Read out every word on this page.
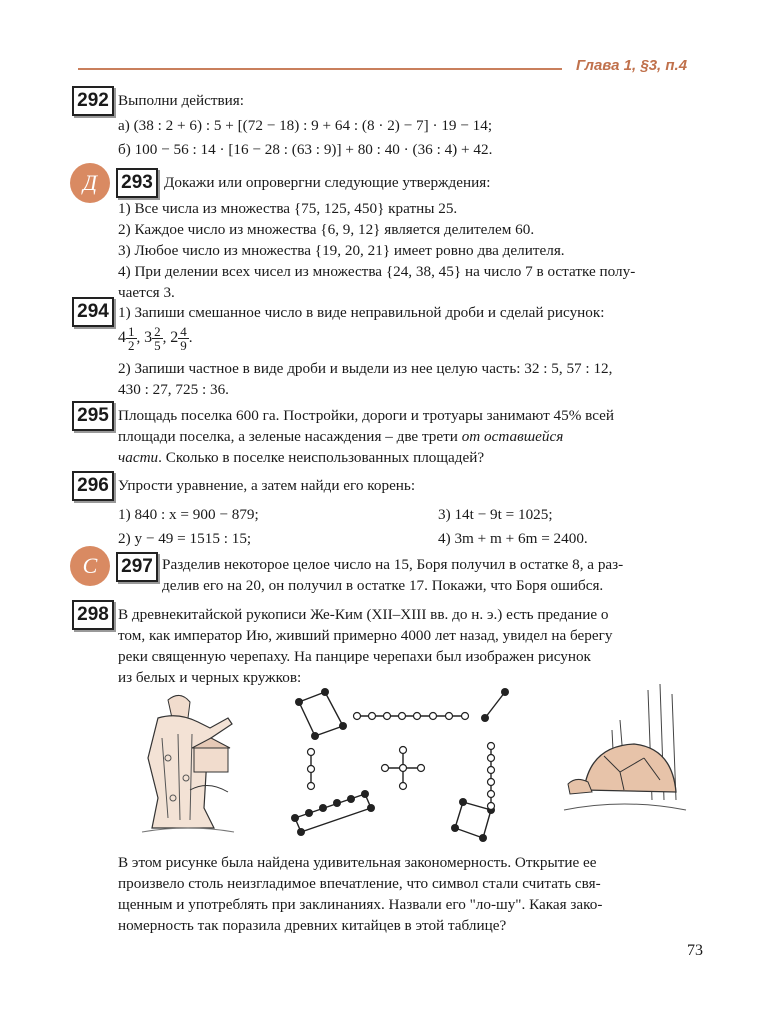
Глава 1, §3, п.4
292 Выполни действия:
а) (38 : 2 + 6) : 5 + [(72 − 18) : 9 + 64 : (8 · 2) − 7] · 19 − 14;
б) 100 − 56 : 14 · [16 − 28 : (63 : 9)] + 80 : 40 · (36 : 4) + 42.
Д	293 Докажи или опровергни следующие утверждения:
1) Все числа из множества {75, 125, 450} кратны 25.
2) Каждое число из множества {6, 9, 12} является делителем 60.
3) Любое число из множества {19, 20, 21} имеет ровно два делителя.
4) При делении всех чисел из множества {24, 38, 45} на число 7 в остатке полу-
чается 3.
294 1) Запиши смешанное число в виде неправильной дроби и сделай рисунок:
$4 \frac{1}{2}$ , $3 \frac{2}{5}$ , $2 \frac{4}{9}$ .
2) Запиши частное в виде дроби и выдели из нее целую часть: 32 : 5, 57 : 12,
430 : 27, 725 : 36.
295 Площадь поселка 600 га. Постройки, дороги и тротуары занимают 45% всей
площади поселка, а зеленые насаждения – две трети от оставшейся
части. Сколько в поселке неиспользованных площадей?
296 Упрости уравнение, а затем найди его корень:
1) 840 : x = 900 − 879;
2) y − 49 = 1515 : 15;
3) 14t − 9t = 1025;
4) 3m + m + 6m = 2400.
С	297 Разделив некоторое целое число на 15, Боря получил в остатке 8, а раз-
делив его на 20, он получил в остатке 17. Покажи, что Боря ошибся.
298 В древнекитайской рукописи Же-Ким (XII–XIII вв. до н. э.) есть предание о
том, как император Ию, живший примерно 4000 лет назад, увидел на берегу
реки священную черепаху. На панцире черепахи был изображен рисунок
из белых и черных кружков:
В этом рисунке была найдена удивительная закономерность. Открытие ее
произвело столь неизгладимое впечатление, что символ стали считать свя-
щенным и употреблять при заклинаниях. Назвали его "ло-шу". Какая зако-
номерность так поразила древних китайцев в этой таблице?
73
